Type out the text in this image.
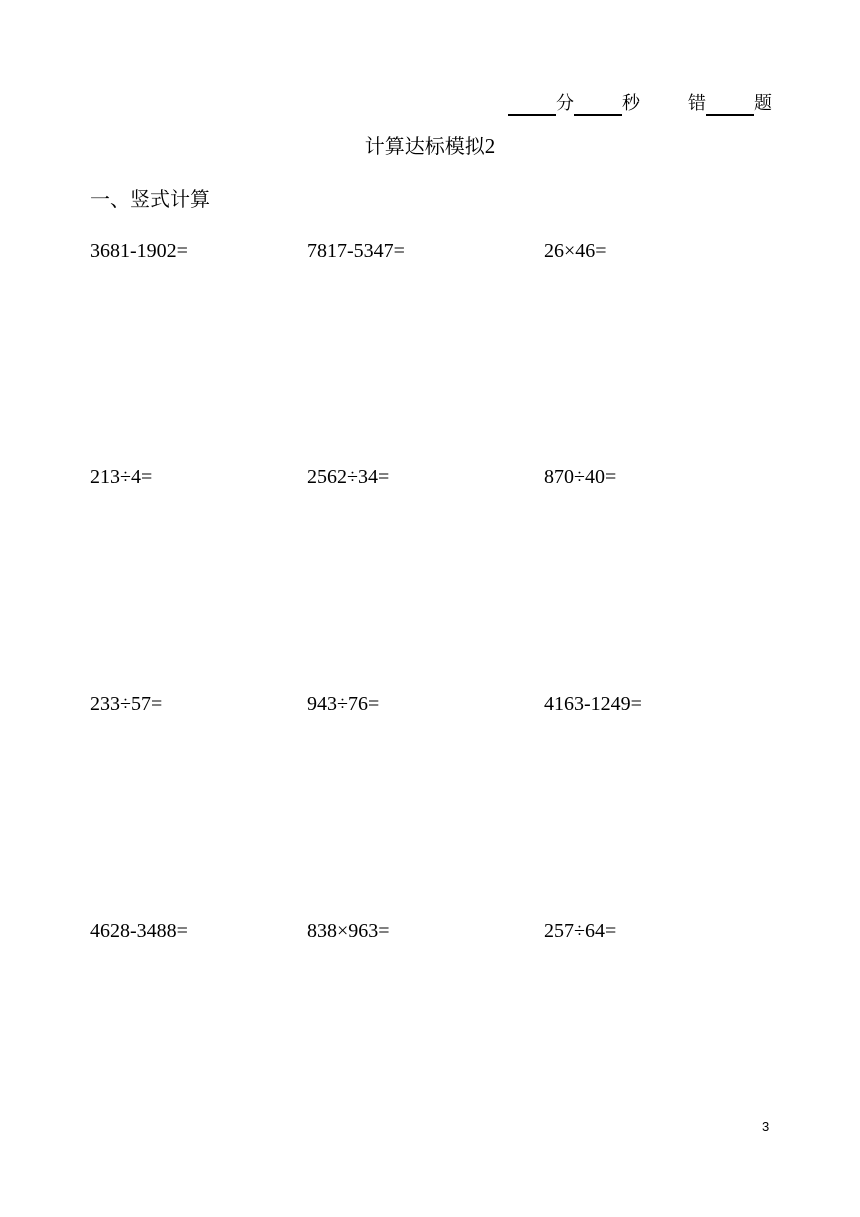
分	秒	错	题
计算达标模拟2
一、竖式计算
3681-1902=	7817-5347=	26×46=
213÷4=	2562÷34=	870÷40=
233÷57=	943÷76=	4163-1249=
4628-3488=	838×963=	257÷64=
3
